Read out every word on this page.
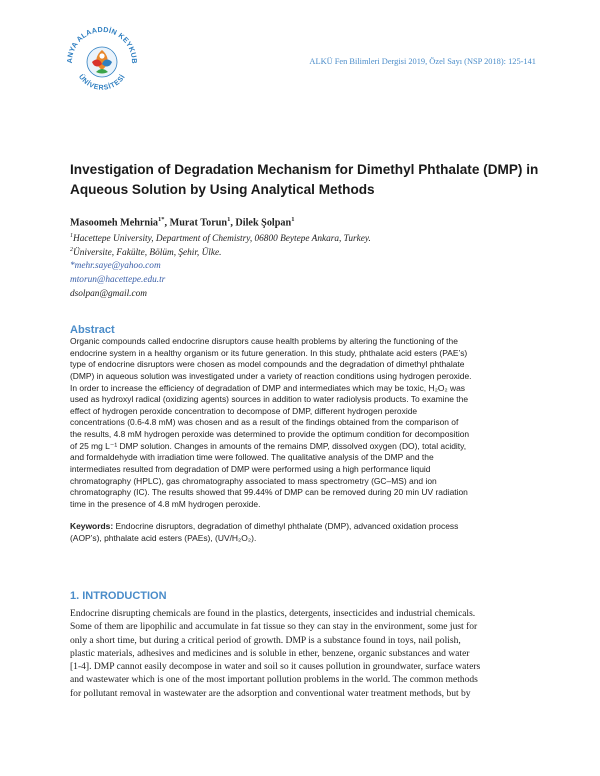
ANYA ALAADDİN KEYKUB
ÜNİVERSİTESİ
ALKÜ Fen Bilimleri Dergisi 2019, Özel Sayı (NSP 2018): 125-141
Investigation of Degradation Mechanism for Dimethyl Phthalate (DMP) in Aqueous Solution by Using Analytical Methods
Masoomeh Mehrnia$^{1*}$, Murat Torun$^1$, Dilek Şolpan$^1$
$^1$Hacettepe University, Department of Chemistry, 06800 Beytepe Ankara, Turkey.
$^2$Üniversite, Fakülte, Bölüm, Şehir, Ülke.
*mehr.saye@yahoo.com
mtorun@hacettepe.edu.tr
dsolpan@gmail.com
Abstract
Organic compounds called endocrine disruptors cause health problems by altering the functioning of the
endocrine system in a healthy organism or its future generation. In this study, phthalate acid esters (PAE’s)
type of endocrine disruptors were chosen as model compounds and the degradation of dimethyl phthalate
(DMP) in aqueous solution was investigated under a variety of reaction conditions using hydrogen peroxide.
In order to increase the efficiency of degradation of DMP and intermediates which may be toxic, H₂O₂ was
used as hydroxyl radical (oxidizing agents) sources in addition to water radiolysis products. To examine the
effect of hydrogen peroxide concentration to decompose of DMP, different hydrogen peroxide
concentrations (0.6-4.8 mM) was chosen and as a result of the findings obtained from the comparison of
the results, 4.8 mM hydrogen peroxide was determined to provide the optimum condition for decomposition
of 25 mg L⁻¹ DMP solution. Changes in amounts of the remains DMP, dissolved oxygen (DO), total acidity,
and formaldehyde with irradiation time were followed. The qualitative analysis of the DMP and the
intermediates resulted from degradation of DMP were performed using a high performance liquid
chromatography (HPLC), gas chromatography associated to mass spectrometry (GC–MS) and ion
chromatography (IC). The results showed that 99.44% of DMP can be removed during 20 min UV radiation
time in the presence of 4.8 mM hydrogen peroxide.
Keywords: Endocrine disruptors, degradation of dimethyl phthalate (DMP), advanced oxidation process
(AOP’s), phthalate acid esters (PAEs), (UV/H₂O₂).
1. INTRODUCTION
Endocrine disrupting chemicals are found in the plastics, detergents, insecticides and industrial chemicals.
Some of them are lipophilic and accumulate in fat tissue so they can stay in the environment, some just for
only a short time, but during a critical period of growth. DMP is a substance found in toys, nail polish,
plastic materials, adhesives and medicines and is soluble in ether, benzene, organic substances and water
[1-4]. DMP cannot easily decompose in water and soil so it causes pollution in groundwater, surface waters
and wastewater which is one of the most important pollution problems in the world. The common methods
for pollutant removal in wastewater are the adsorption and conventional water treatment methods, but by
